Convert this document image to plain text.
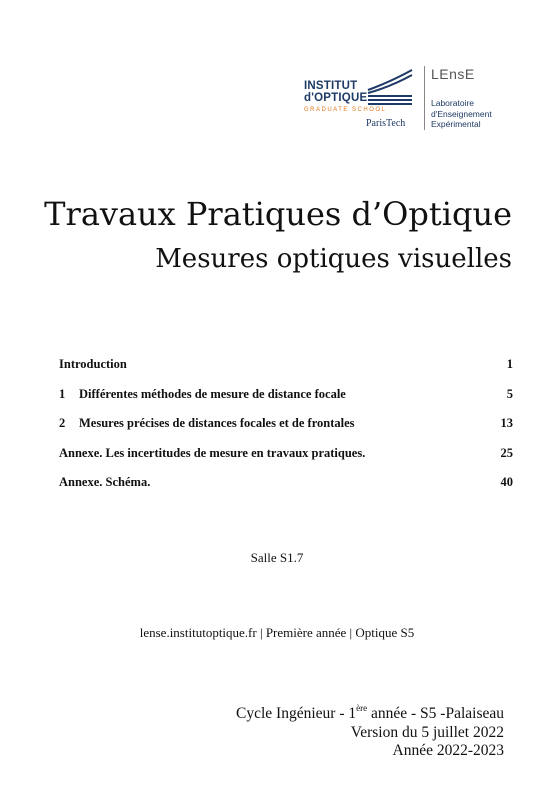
INSTITUT
d'OPTIQUE
GRADUATE SCHOOL
ParisTech
LEnsE
Laboratoire
d'Enseignement
Expérimental
Travaux Pratiques d’Optique
Mesures optiques visuelles
Introduction	1
1 Différentes méthodes de mesure de distance focale	5
2 Mesures précises de distances focales et de frontales	13
Annexe. Les incertitudes de mesure en travaux pratiques.	25
Annexe. Schéma.	40
Salle S1.7
lense.institutoptique.fr | Première année | Optique S5
Cycle Ingénieur - 1ère année - S5 -Palaiseau
Version du 5 juillet 2022
Année 2022-2023
